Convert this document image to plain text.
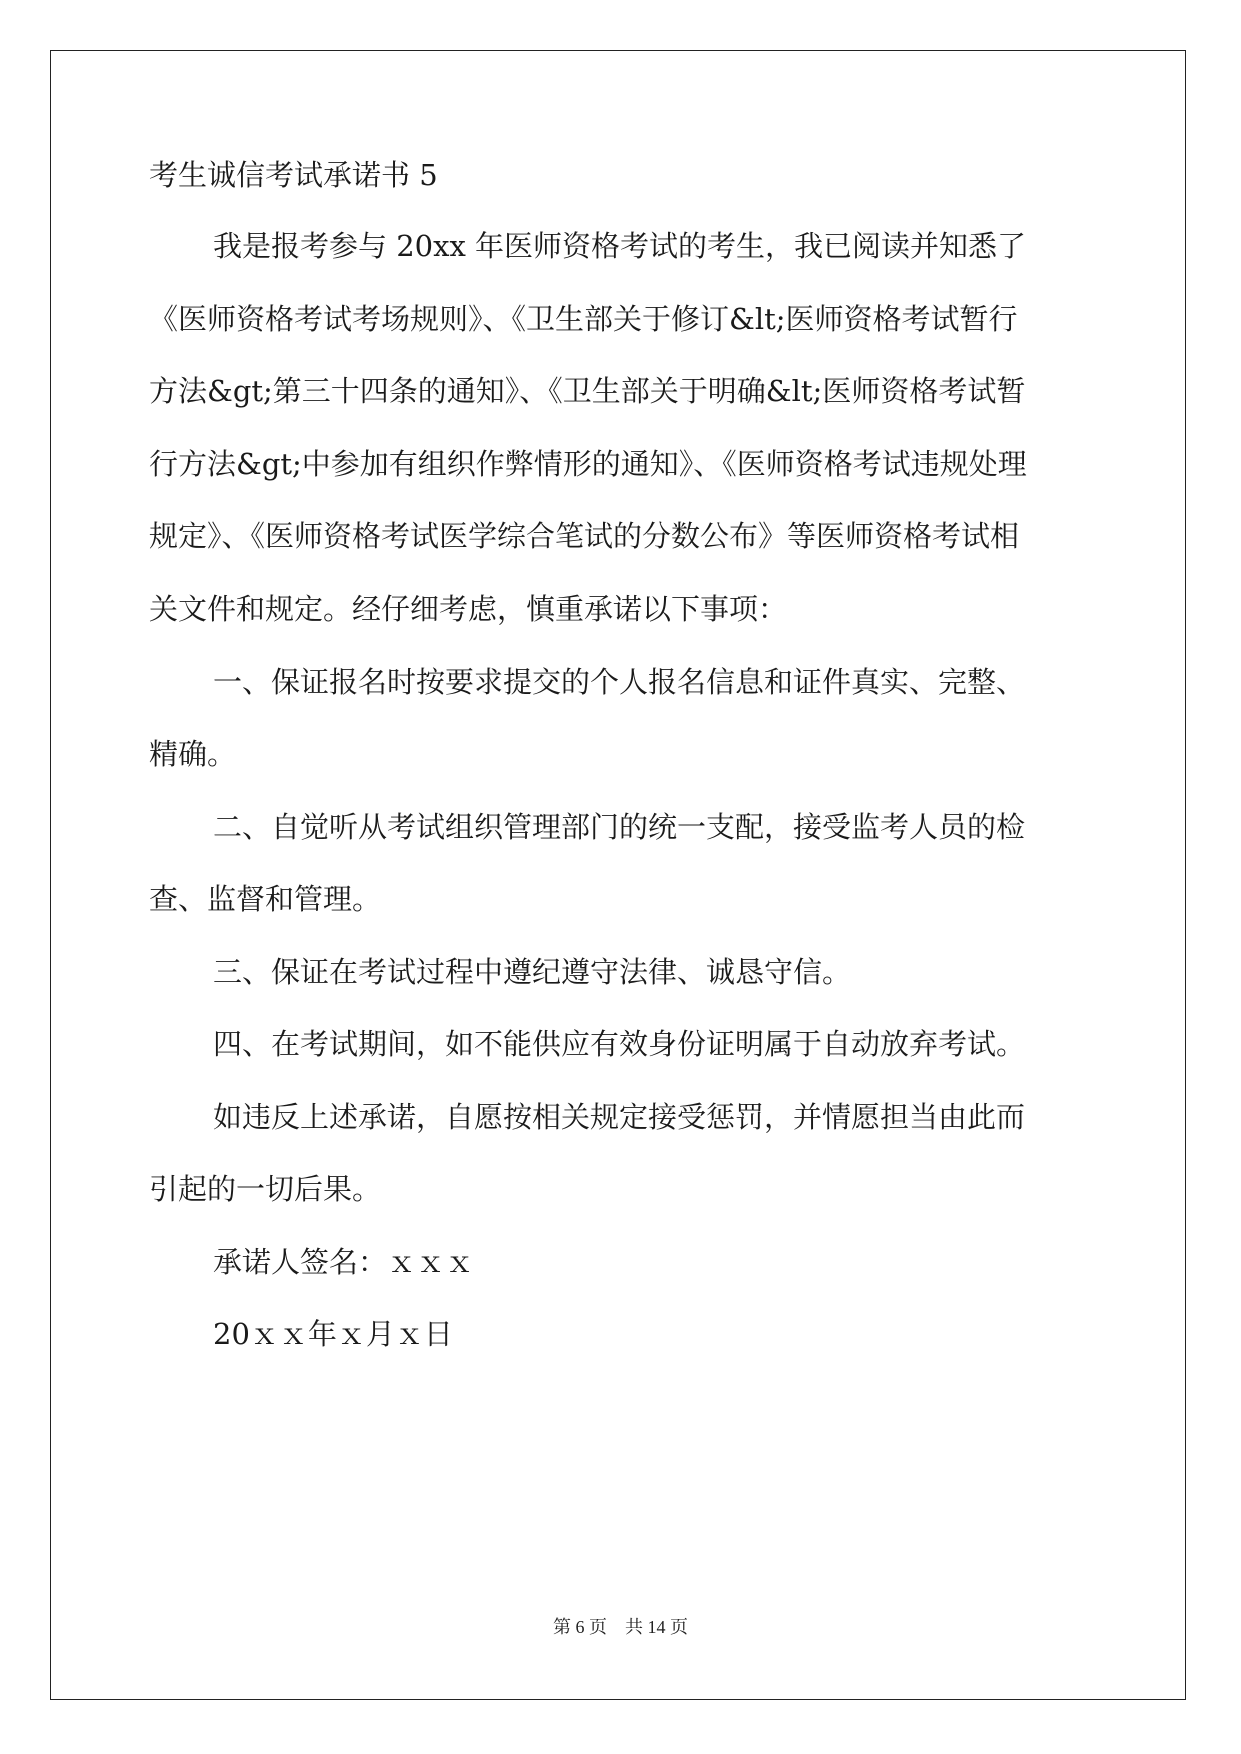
考生诚信考试承诺书 5
我是报考参与 20xx 年医师资格考试的考生，我已阅读并知悉了
《医师资格考试考场规则》、《卫生部关于修订&lt;医师资格考试暂行
方法&gt;第三十四条的通知》、《卫生部关于明确&lt;医师资格考试暂
行方法&gt;中参加有组织作弊情形的通知》、《医师资格考试违规处理
规定》、《医师资格考试医学综合笔试的分数公布》等医师资格考试相
关文件和规定。经仔细考虑，慎重承诺以下事项：
一、保证报名时按要求提交的个人报名信息和证件真实、完整、
精确。
二、自觉听从考试组织管理部门的统一支配，接受监考人员的检
查、监督和管理。
三、保证在考试过程中遵纪遵守法律、诚恳守信。
四、在考试期间，如不能供应有效身份证明属于自动放弃考试。
如违反上述承诺，自愿按相关规定接受惩罚，并情愿担当由此而
引起的一切后果。
承诺人签名：ｘｘｘ
20ｘｘ年ｘ月ｘ日
第 6 页 共 14 页
